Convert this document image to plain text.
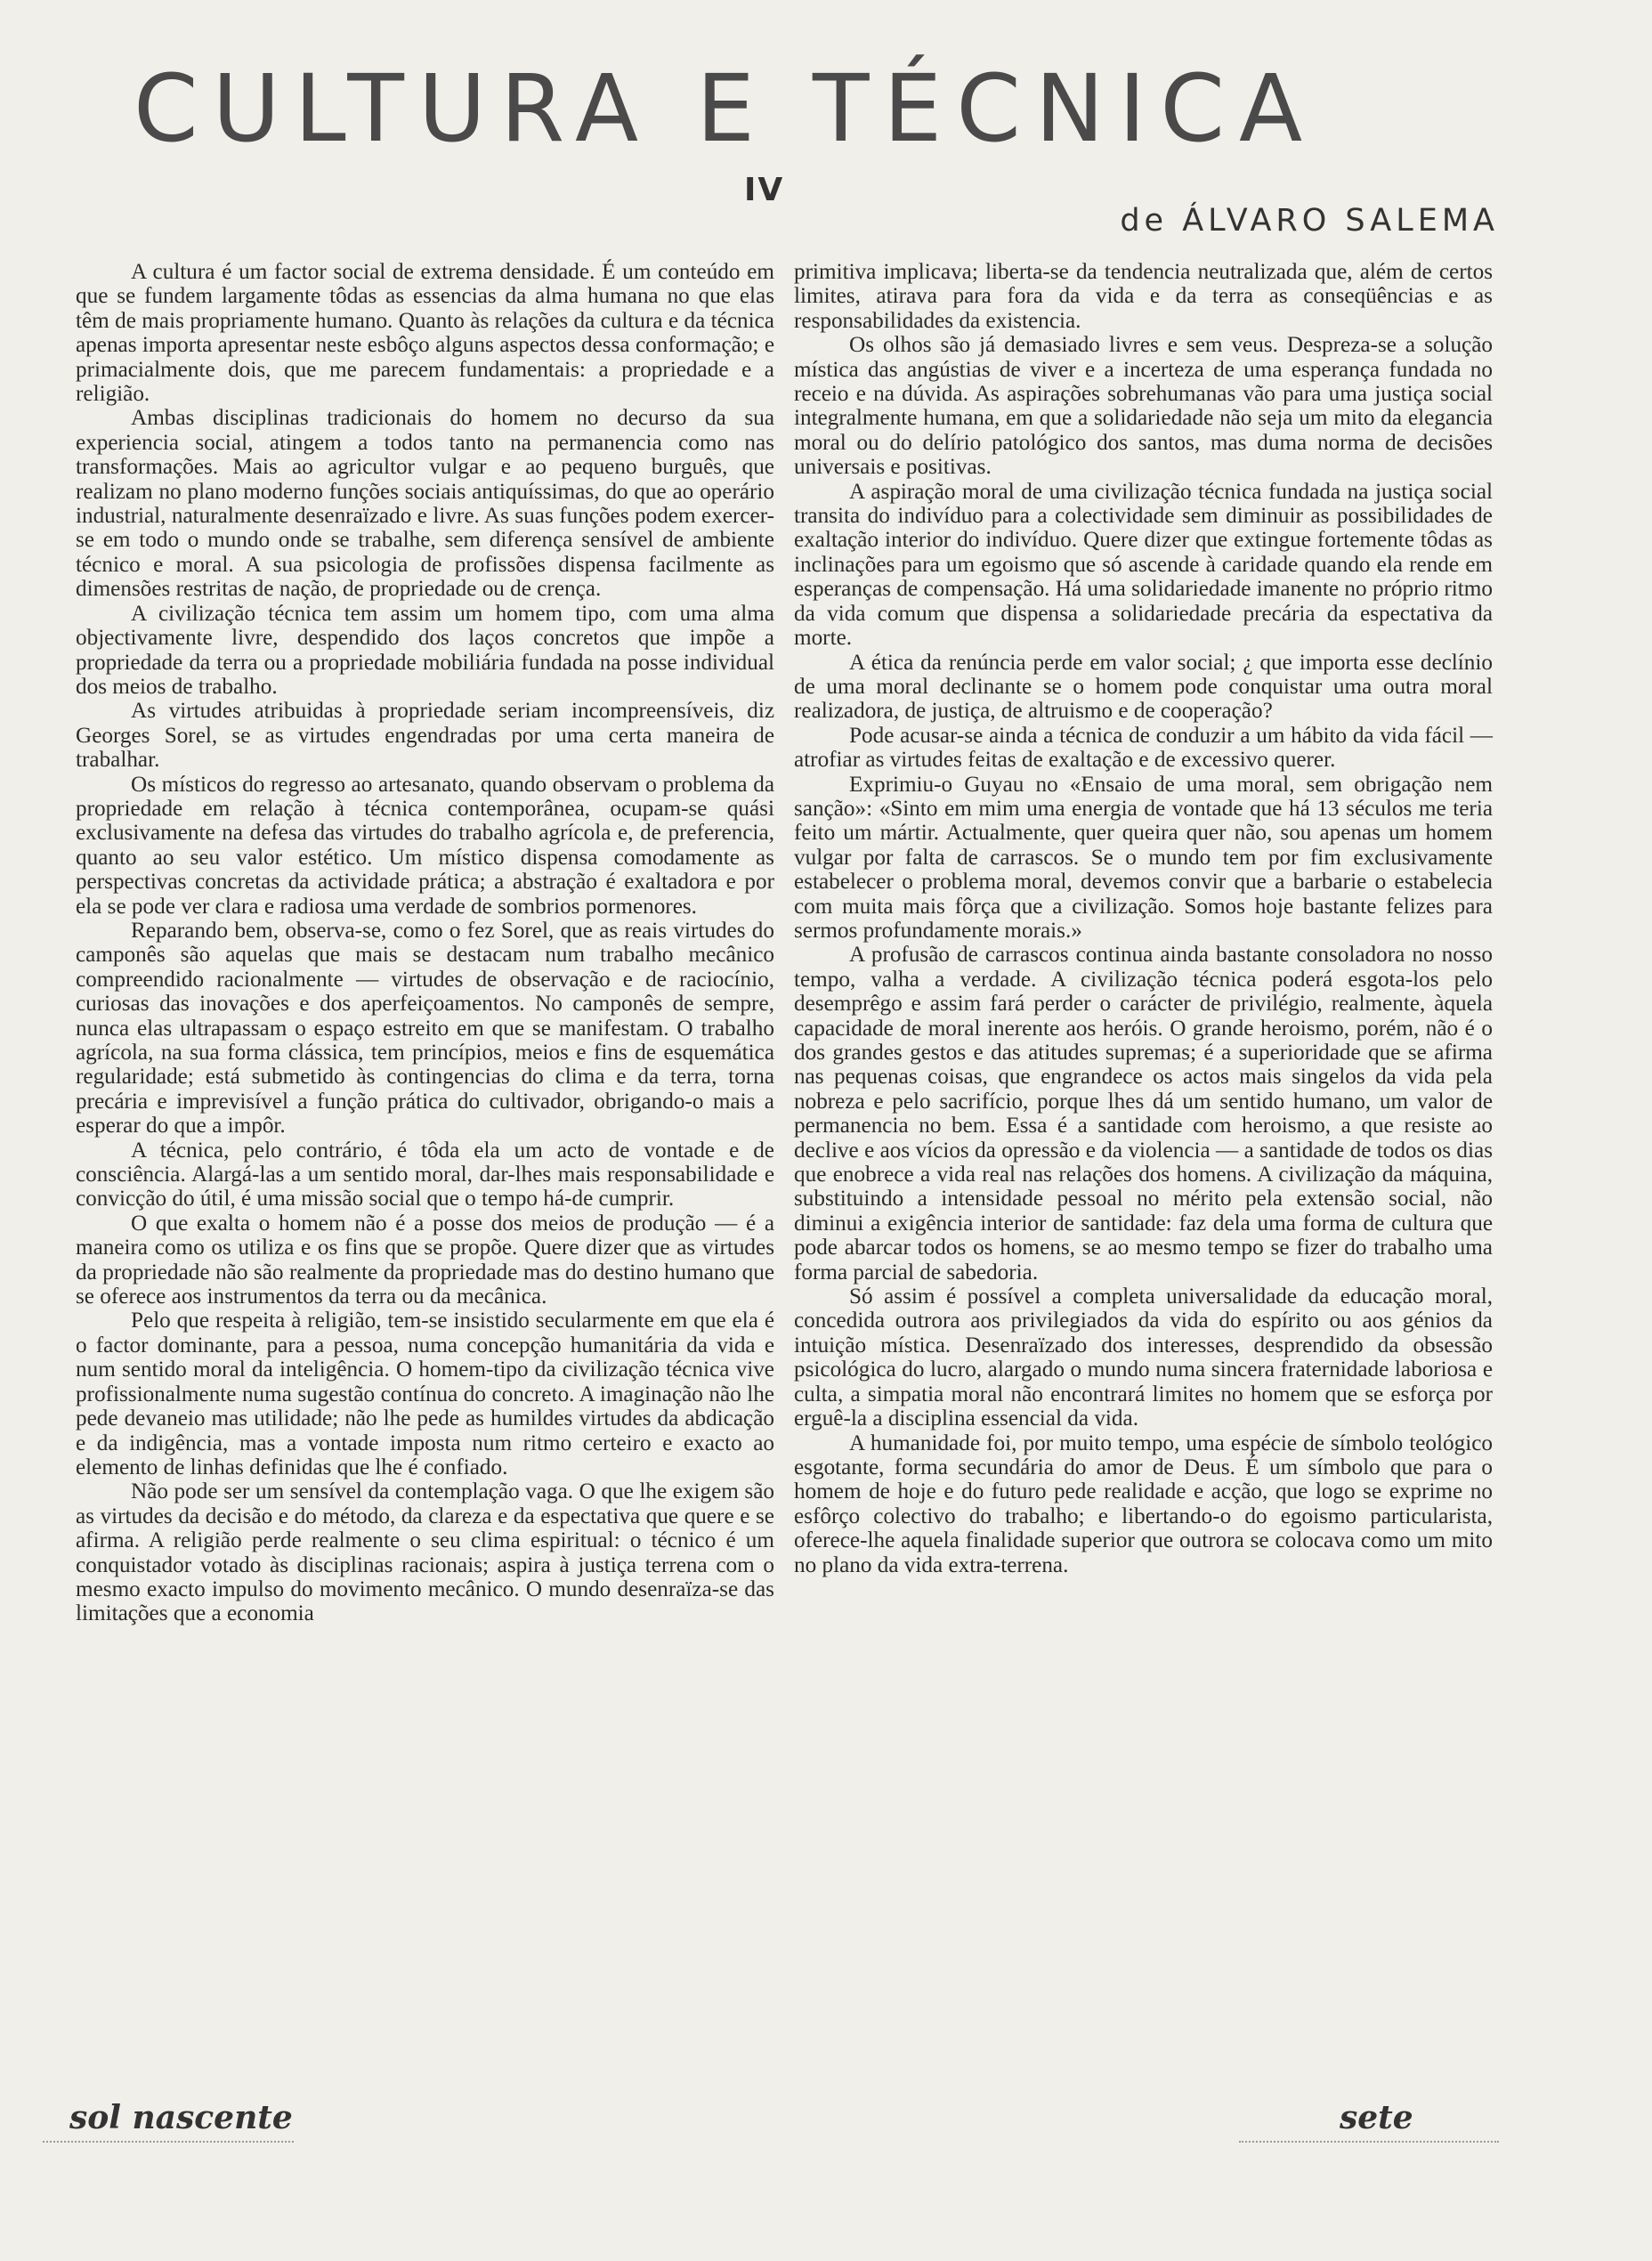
CULTURA E TÉCNICA
IV
de ÁLVARO SALEMA

A cultura é um factor social de extrema densidade. É um conteúdo em que se fundem largamente tôdas as essencias da alma humana no que elas têm de mais propriamente humano. Quanto às relações da cultura e da técnica apenas importa apresentar neste esbôço alguns aspectos dessa conformação; e primacialmente dois, que me parecem fundamentais: a propriedade e a religião.

Ambas disciplinas tradicionais do homem no decurso da sua experiencia social, atingem a todos tanto na permanencia como nas transformações. Mais ao agricultor vulgar e ao pequeno burguês, que realizam no plano moderno funções sociais antiquíssimas, do que ao operário industrial, naturalmente desenraïzado e livre. As suas funções podem exercer-se em todo o mundo onde se trabalhe, sem diferença sensível de ambiente técnico e moral. A sua psicologia de profissões dispensa facilmente as dimensões restritas de nação, de propriedade ou de crença.

A civilização técnica tem assim um homem tipo, com uma alma objectivamente livre, despendido dos laços concretos que impõe a propriedade da terra ou a propriedade mobiliária fundada na posse individual dos meios de trabalho.

As virtudes atribuidas à propriedade seriam incompreensíveis, diz Georges Sorel, se as virtudes engendradas por uma certa maneira de trabalhar.

Os místicos do regresso ao artesanato, quando observam o problema da propriedade em relação à técnica contemporânea, ocupam-se quási exclusivamente na defesa das virtudes do trabalho agrícola e, de preferencia, quanto ao seu valor estético. Um místico dispensa comodamente as perspectivas concretas da actividade prática; a abstração é exaltadora e por ela se pode ver clara e radiosa uma verdade de sombrios pormenores.

Reparando bem, observa-se, como o fez Sorel, que as reais virtudes do camponês são aquelas que mais se destacam num trabalho mecânico compreendido racionalmente — virtudes de observação e de raciocínio, curiosas das inovações e dos aperfeiçoamentos. No camponês de sempre, nunca elas ultrapassam o espaço estreito em que se manifestam. O trabalho agrícola, na sua forma clássica, tem princípios, meios e fins de esquemática regularidade; está submetido às contingencias do clima e da terra, torna precária e imprevisível a função prática do cultivador, obrigando-o mais a esperar do que a impôr.

A técnica, pelo contrário, é tôda ela um acto de vontade e de consciência. Alargá-las a um sentido moral, dar-lhes mais responsabilidade e convicção do útil, é uma missão social que o tempo há-de cumprir.

O que exalta o homem não é a posse dos meios de produção — é a maneira como os utiliza e os fins que se propõe. Quere dizer que as virtudes da propriedade não são realmente da propriedade mas do destino humano que se oferece aos instrumentos da terra ou da mecânica.

Pelo que respeita à religião, tem-se insistido secularmente em que ela é o factor dominante, para a pessoa, numa concepção humanitária da vida e num sentido moral da inteligência. O homem-tipo da civilização técnica vive profissionalmente numa sugestão contínua do concreto. A imaginação não lhe pede devaneio mas utilidade; não lhe pede as humildes virtudes da abdicação e da indigência, mas a vontade imposta num ritmo certeiro e exacto ao elemento de linhas definidas que lhe é confiado.

Não pode ser um sensível da contemplação vaga. O que lhe exigem são as virtudes da decisão e do método, da clareza e da espectativa que quere e se afirma. A religião perde realmente o seu clima espiritual: o técnico é um conquistador votado às disciplinas racionais; aspira à justiça terrena com o mesmo exacto impulso do movimento mecânico. O mundo desenraïza-se das limitações que a economia

primitiva implicava; liberta-se da tendencia neutralizada que, além de certos limites, atirava para fora da vida e da terra as conseqüências e as responsabilidades da existencia.

Os olhos são já demasiado livres e sem veus. Despreza-se a solução mística das angústias de viver e a incerteza de uma esperança fundada no receio e na dúvida. As aspirações sobrehumanas vão para uma justiça social integralmente humana, em que a solidariedade não seja um mito da elegancia moral ou do delírio patológico dos santos, mas duma norma de decisões universais e positivas.

A aspiração moral de uma civilização técnica fundada na justiça social transita do indivíduo para a colectividade sem diminuir as possibilidades de exaltação interior do indivíduo. Quere dizer que extingue fortemente tôdas as inclinações para um egoismo que só ascende à caridade quando ela rende em esperanças de compensação. Há uma solidariedade imanente no próprio ritmo da vida comum que dispensa a solidariedade precária da espectativa da morte.

A ética da renúncia perde em valor social; ¿ que importa esse declínio de uma moral declinante se o homem pode conquistar uma outra moral realizadora, de justiça, de altruismo e de cooperação?

Pode acusar-se ainda a técnica de conduzir a um hábito da vida fácil — atrofiar as virtudes feitas de exaltação e de excessivo querer.

Exprimiu-o Guyau no «Ensaio de uma moral, sem obrigação nem sanção»: «Sinto em mim uma energia de vontade que há 13 séculos me teria feito um mártir. Actualmente, quer queira quer não, sou apenas um homem vulgar por falta de carrascos. Se o mundo tem por fim exclusivamente estabelecer o problema moral, devemos convir que a barbarie o estabelecia com muita mais fôrça que a civilização. Somos hoje bastante felizes para sermos profundamente morais.»

A profusão de carrascos continua ainda bastante consoladora no nosso tempo, valha a verdade. A civilização técnica poderá esgota-los pelo desemprêgo e assim fará perder o carácter de privilégio, realmente, àquela capacidade de moral inerente aos heróis. O grande heroismo, porém, não é o dos grandes gestos e das atitudes supremas; é a superioridade que se afirma nas pequenas coisas, que engrandece os actos mais singelos da vida pela nobreza e pelo sacrifício, porque lhes dá um sentido humano, um valor de permanencia no bem. Essa é a santidade com heroismo, a que resiste ao declive e aos vícios da opressão e da violencia — a santidade de todos os dias que enobrece a vida real nas relações dos homens. A civilização da máquina, substituindo a intensidade pessoal no mérito pela extensão social, não diminui a exigência interior de santidade: faz dela uma forma de cultura que pode abarcar todos os homens, se ao mesmo tempo se fizer do trabalho uma forma parcial de sabedoria.

Só assim é possível a completa universalidade da educação moral, concedida outrora aos privilegiados da vida do espírito ou aos génios da intuição mística. Desenraïzado dos interesses, desprendido da obsessão psicológica do lucro, alargado o mundo numa sincera fraternidade laboriosa e culta, a simpatia moral não encontrará limites no homem que se esforça por erguê-la a disciplina essencial da vida.

A humanidade foi, por muito tempo, uma espécie de símbolo teológico esgotante, forma secundária do amor de Deus. É um símbolo que para o homem de hoje e do futuro pede realidade e acção, que logo se exprime no esfôrço colectivo do trabalho; e libertando-o do egoismo particularista, oferece-lhe aquela finalidade superior que outrora se colocava como um mito no plano da vida extra-terrena.

sol nascente	sete
